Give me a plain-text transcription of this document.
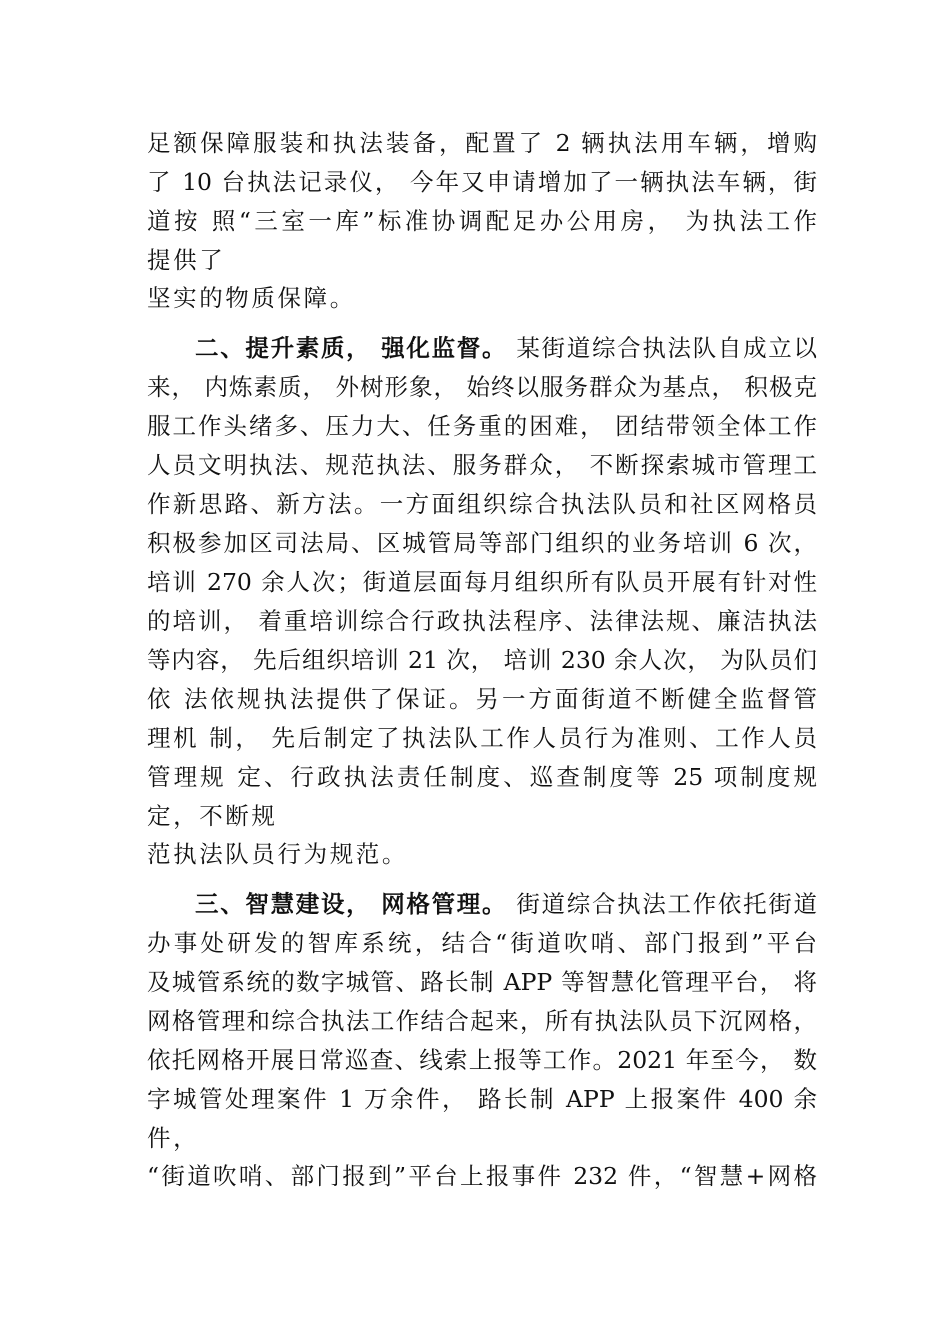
足额保障服装和执法装备，配置了 2 辆执法用车辆，增购
了 10 台执法记录仪， 今年又申请增加了一辆执法车辆，街
道按 照“三室一库”标准协调配足办公用房， 为执法工作
提供了
坚实的物质保障。
二、提升素质， 强化监督。 某街道综合执法队自成立以
来， 内炼素质， 外树形象， 始终以服务群众为基点， 积极克
服工作头绪多、压力大、任务重的困难， 团结带领全体工作
人员文明执法、规范执法、服务群众， 不断探索城市管理工
作新思路、新方法。一方面组织综合执法队员和社区网格员
积极参加区司法局、区城管局等部门组织的业务培训 6 次，
培训 270 余人次；街道层面每月组织所有队员开展有针对性
的培训， 着重培训综合行政执法程序、法律法规、廉洁执法
等内容， 先后组织培训 21 次， 培训 230 余人次， 为队员们
依 法依规执法提供了保证。另一方面街道不断健全监督管
理机 制， 先后制定了执法队工作人员行为准则、工作人员
管理规 定、行政执法责任制度、巡查制度等 25 项制度规
定，不断规
范执法队员行为规范。
三、智慧建设， 网格管理。 街道综合执法工作依托街道
办事处研发的智库系统，结合“街道吹哨、部门报到”平台
及城管系统的数字城管、路长制 APP 等智慧化管理平台， 将
网格管理和综合执法工作结合起来，所有执法队员下沉网格，
依托网格开展日常巡查、线索上报等工作。2021 年至今， 数
字城管处理案件 1 万余件， 路长制 APP 上报案件 400 余
件，
“街道吹哨、部门报到”平台上报事件 232 件，“智慧+网格
